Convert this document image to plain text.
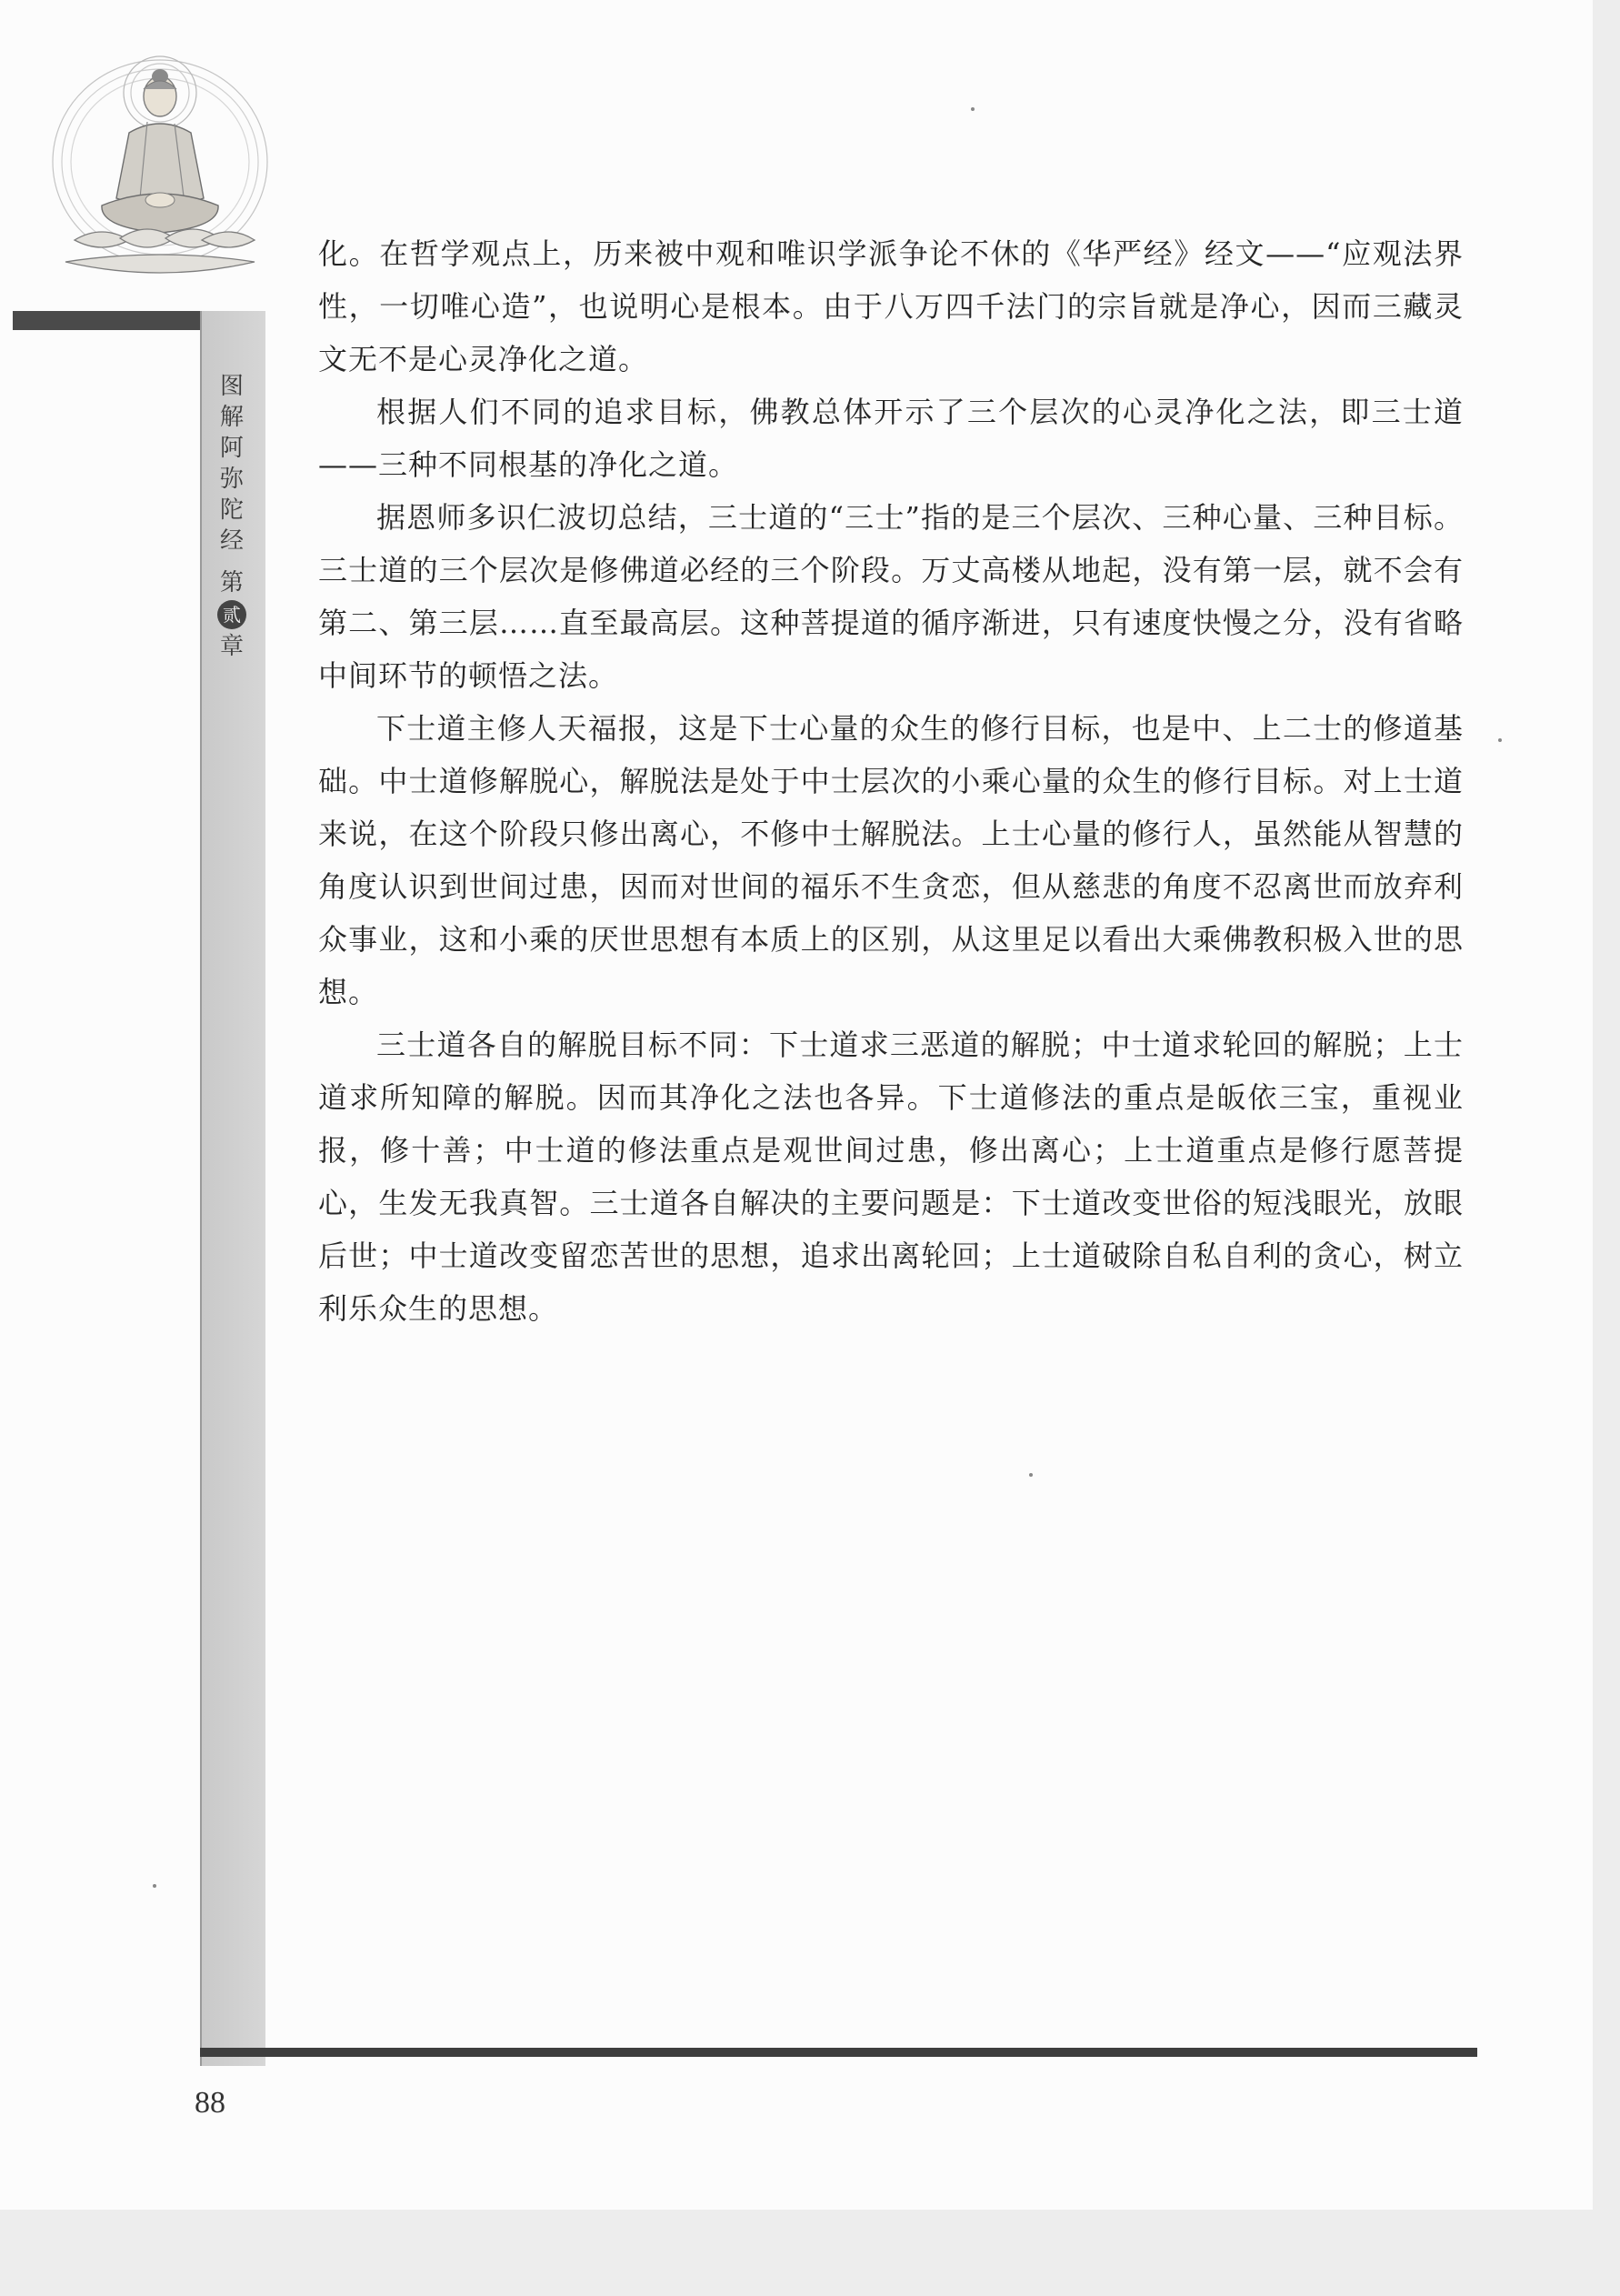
图
解
阿
弥
陀
经
第
贰
章

化。在哲学观点上，历来被中观和唯识学派争论不休的《华严经》经文——“应观法界性，一切唯心造”，也说明心是根本。由于八万四千法门的宗旨就是净心，因而三藏灵文无不是心灵净化之道。

根据人们不同的追求目标，佛教总体开示了三个层次的心灵净化之法，即三士道——三种不同根基的净化之道。

据恩师多识仁波切总结，三士道的“三士”指的是三个层次、三种心量、三种目标。三士道的三个层次是修佛道必经的三个阶段。万丈高楼从地起，没有第一层，就不会有第二、第三层……直至最高层。这种菩提道的循序渐进，只有速度快慢之分，没有省略中间环节的顿悟之法。

下士道主修人天福报，这是下士心量的众生的修行目标，也是中、上二士的修道基础。中士道修解脱心，解脱法是处于中士层次的小乘心量的众生的修行目标。对上士道来说，在这个阶段只修出离心，不修中士解脱法。上士心量的修行人，虽然能从智慧的角度认识到世间过患，因而对世间的福乐不生贪恋，但从慈悲的角度不忍离世而放弃利众事业，这和小乘的厌世思想有本质上的区别，从这里足以看出大乘佛教积极入世的思想。

三士道各自的解脱目标不同：下士道求三恶道的解脱；中士道求轮回的解脱；上士道求所知障的解脱。因而其净化之法也各异。下士道修法的重点是皈依三宝，重视业报，修十善；中士道的修法重点是观世间过患，修出离心；上士道重点是修行愿菩提心，生发无我真智。三士道各自解决的主要问题是：下士道改变世俗的短浅眼光，放眼后世；中士道改变留恋苦世的思想，追求出离轮回；上士道破除自私自利的贪心，树立利乐众生的思想。

88
